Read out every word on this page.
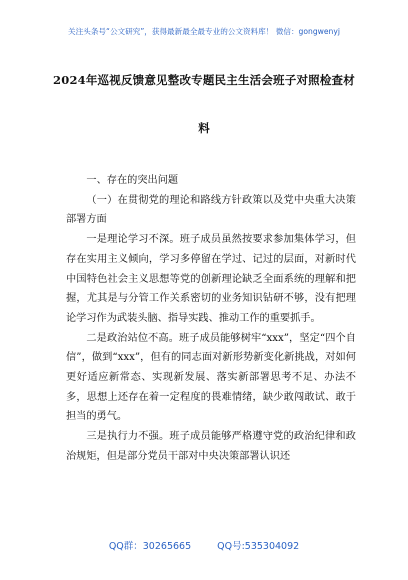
关注头条号“公文研究”，获得最新最全最专业的公文资料库！ 微信：gongwenyj
2024年巡视反馈意见整改专题民主生活会班子对照检查材
料

一、存在的突出问题

（一）在贯彻党的理论和路线方针政策以及党中央重大决策部署方面

一是理论学习不深。班子成员虽然按要求参加集体学习，但存在实用主义倾向，学习多停留在学过、记过的层面，对新时代中国特色社会主义思想等党的创新理论缺乏全面系统的理解和把握，尤其是与分管工作关系密切的业务知识钻研不够，没有把理论学习作为武装头脑、指导实践、推动工作的重要抓手。

二是政治站位不高。班子成员能够树牢“xxx”，坚定“四个自信”，做到“xxx”，但有的同志面对新形势新变化新挑战，对如何更好适应新常态、实现新发展、落实新部署思考不足、办法不多，思想上还存在着一定程度的畏难情绪，缺少敢闯敢试、敢于担当的勇气。

三是执行力不强。班子成员能够严格遵守党的政治纪律和政治规矩，但是部分党员干部对中央决策部署认识还

QQ群：30265665	QQ号:535304092
